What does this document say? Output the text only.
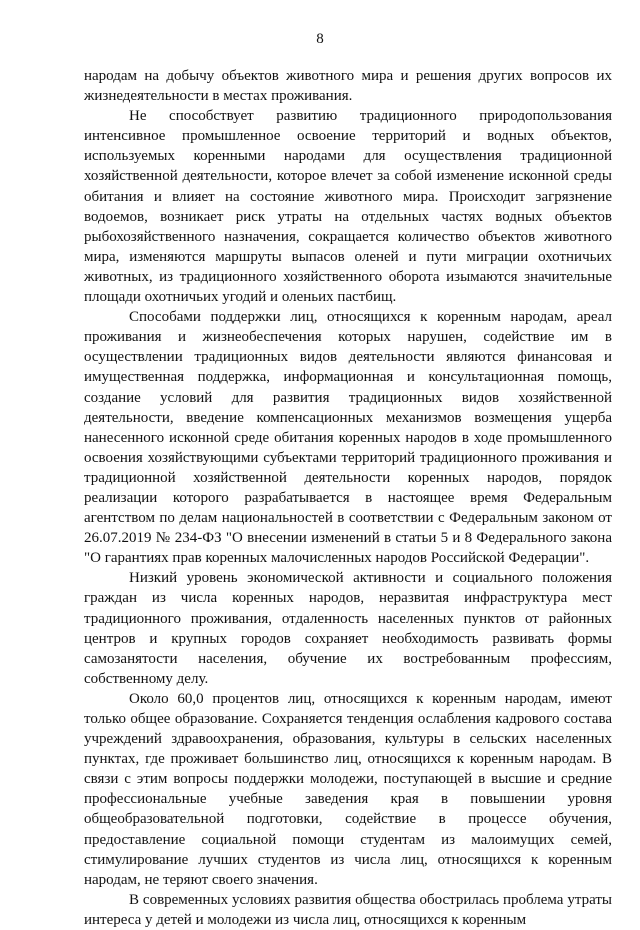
8

народам на добычу объектов животного мира и решения других вопросов их жизнедеятельности в местах проживания.

Не способствует развитию традиционного природопользования интенсивное промышленное освоение территорий и водных объектов, используемых коренными народами для осуществления традиционной хозяйственной деятельности, которое влечет за собой изменение исконной среды обитания и влияет на состояние животного мира. Происходит загрязнение водоемов, возникает риск утраты на отдельных частях водных объектов рыбохозяйственного назначения, сокращается количество объектов животного мира, изменяются маршруты выпасов оленей и пути миграции охотничьих животных, из традиционного хозяйственного оборота изымаются значительные площади охотничьих угодий и оленьих пастбищ.

Способами поддержки лиц, относящихся к коренным народам, ареал проживания и жизнеобеспечения которых нарушен, содействие им в осуществлении традиционных видов деятельности являются финансовая и имущественная поддержка, информационная и консультационная помощь, создание условий для развития традиционных видов хозяйственной деятельности, введение компенсационных механизмов возмещения ущерба нанесенного исконной среде обитания коренных народов в ходе промышленного освоения хозяйствующими субъектами территорий традиционного проживания и традиционной хозяйственной деятельности коренных народов, порядок реализации которого разрабатывается в настоящее время Федеральным агентством по делам национальностей в соответствии с Федеральным законом от 26.07.2019 № 234-ФЗ "О внесении изменений в статьи 5 и 8 Федерального закона "О гарантиях прав коренных малочисленных народов Российской Федерации".

Низкий уровень экономической активности и социального положения граждан из числа коренных народов, неразвитая инфраструктура мест традиционного проживания, отдаленность населенных пунктов от районных центров и крупных городов сохраняет необходимость развивать формы самозанятости населения, обучение их востребованным профессиям, собственному делу.

Около 60,0 процентов лиц, относящихся к коренным народам, имеют только общее образование. Сохраняется тенденция ослабления кадрового состава учреждений здравоохранения, образования, культуры в сельских населенных пунктах, где проживает большинство лиц, относящихся к коренным народам. В связи с этим вопросы поддержки молодежи, поступающей в высшие и средние профессиональные учебные заведения края в повышении уровня общеобразовательной подготовки, содействие в процессе обучения, предоставление социальной помощи студентам из малоимущих семей, стимулирование лучших студентов из числа лиц, относящихся к коренным народам, не теряют своего значения.

В современных условиях развития общества обострилась проблема утраты интереса у детей и молодежи из числа лиц, относящихся к коренным
